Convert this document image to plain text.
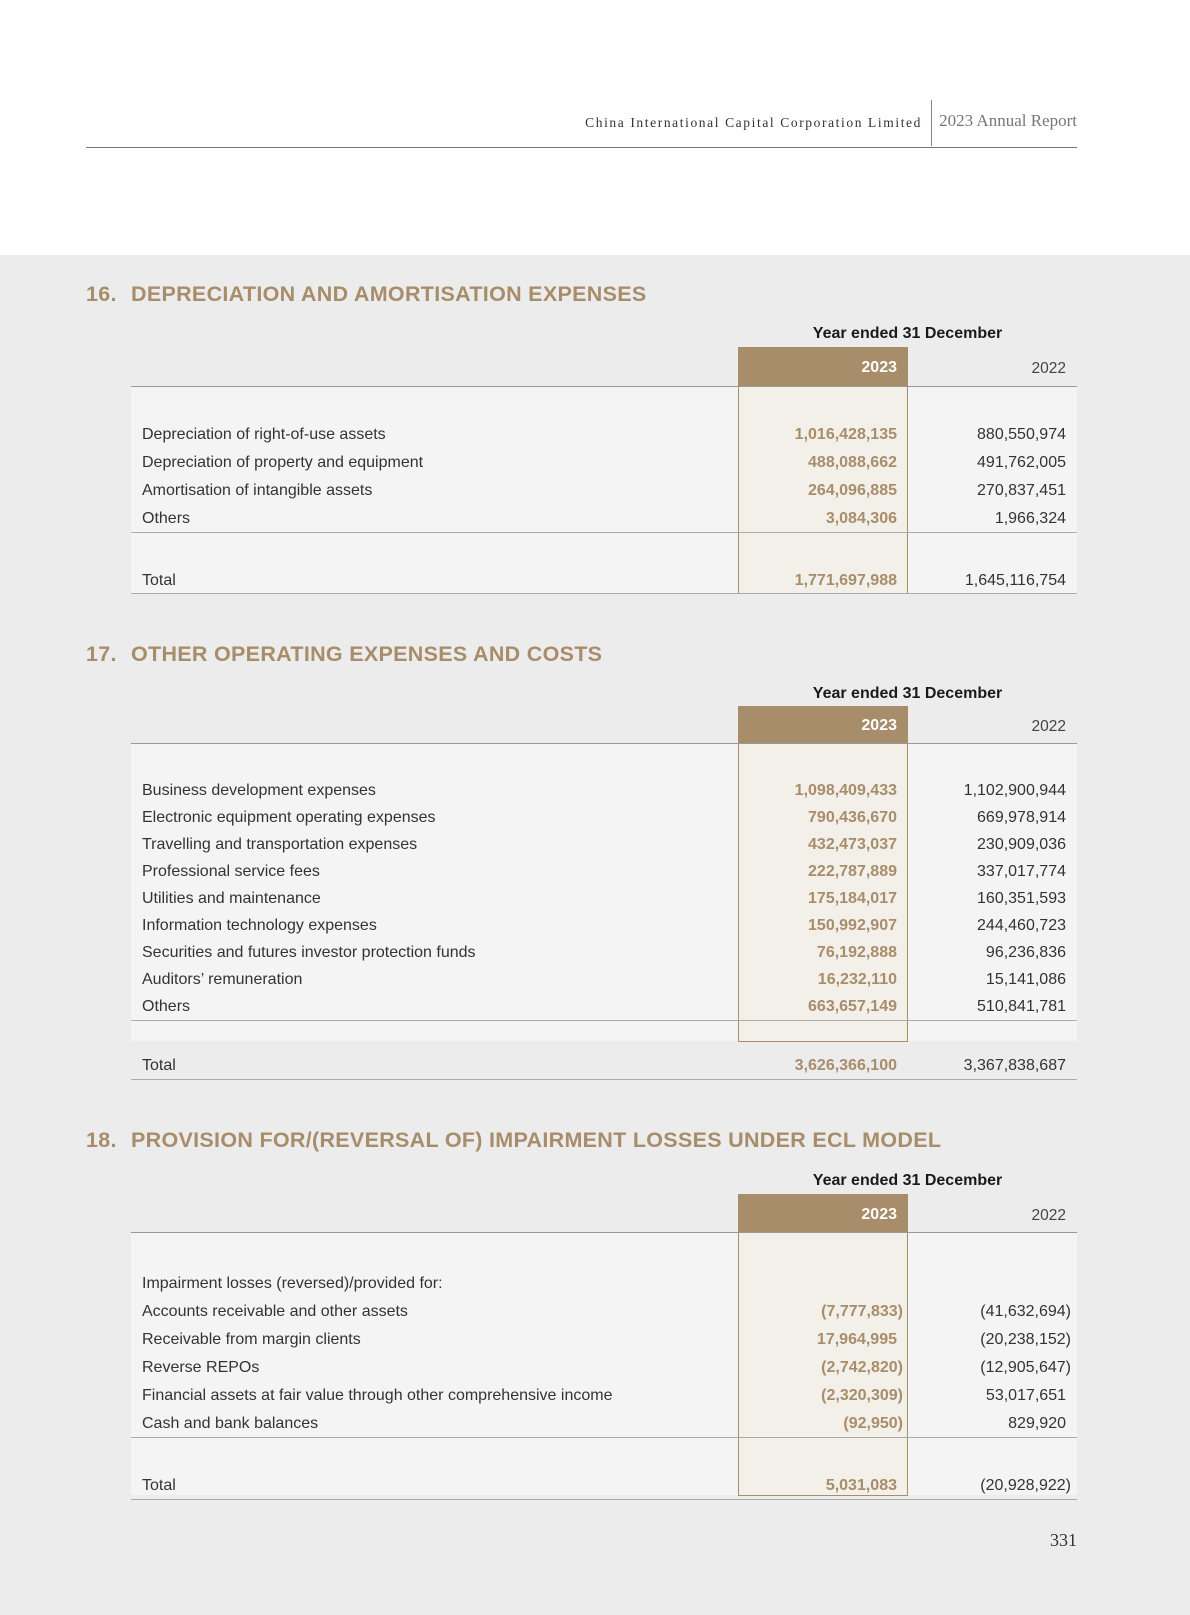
China International Capital Corporation Limited 2023 Annual Report
16. DEPRECIATION AND AMORTISATION EXPENSES
Year ended 31 December
2023	2022
Depreciation of right-of-use assets	1,016,428,135	880,550,974
Depreciation of property and equipment	488,088,662	491,762,005
Amortisation of intangible assets	264,096,885	270,837,451
Others	3,084,306	1,966,324
Total	1,771,697,988	1,645,116,754
17. OTHER OPERATING EXPENSES AND COSTS
Year ended 31 December
2023	2022
Business development expenses	1,098,409,433	1,102,900,944
Electronic equipment operating expenses	790,436,670	669,978,914
Travelling and transportation expenses	432,473,037	230,909,036
Professional service fees	222,787,889	337,017,774
Utilities and maintenance	175,184,017	160,351,593
Information technology expenses	150,992,907	244,460,723
Securities and futures investor protection funds	76,192,888	96,236,836
Auditors’ remuneration	16,232,110	15,141,086
Others	663,657,149	510,841,781
Total	3,626,366,100	3,367,838,687
18. PROVISION FOR/(REVERSAL OF) IMPAIRMENT LOSSES UNDER ECL MODEL
Year ended 31 December
2023	2022
Impairment losses (reversed)/provided for:
Accounts receivable and other assets	(7,777,833)	(41,632,694)
Receivable from margin clients	17,964,995	(20,238,152)
Reverse REPOs	(2,742,820)	(12,905,647)
Financial assets at fair value through other comprehensive income	(2,320,309)	53,017,651
Cash and bank balances	(92,950)	829,920
Total	5,031,083	(20,928,922)
331
